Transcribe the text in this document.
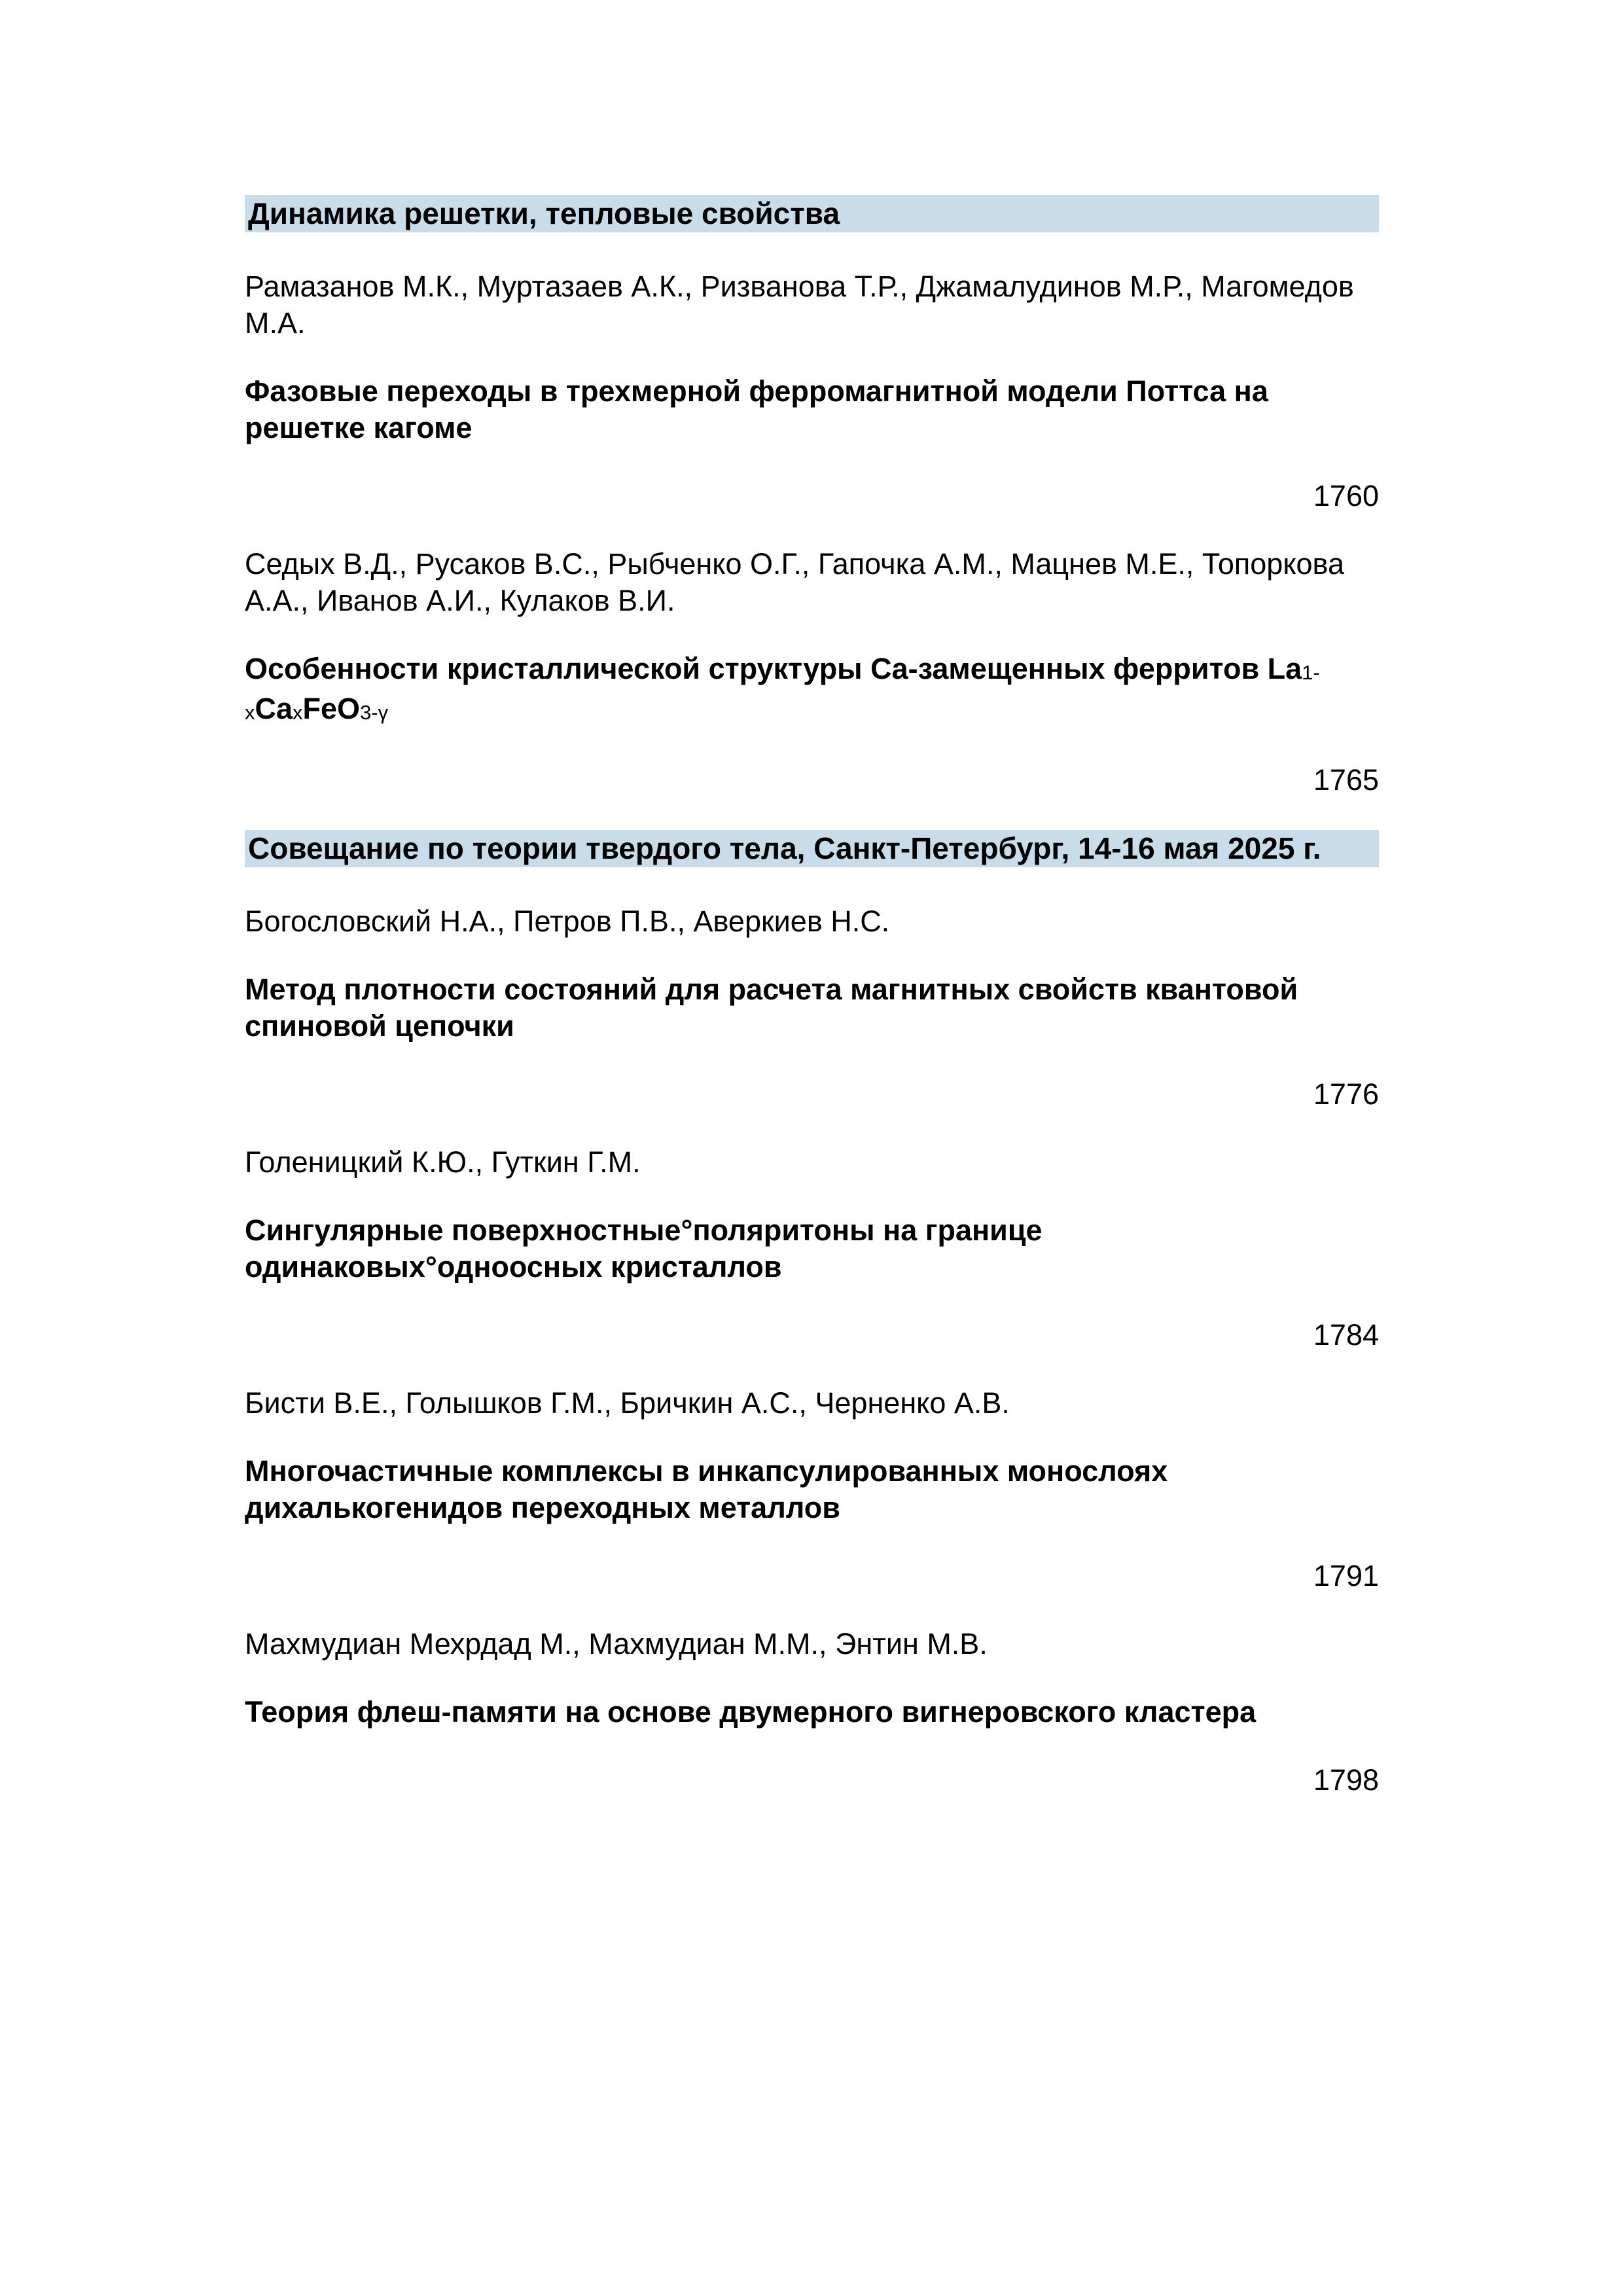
Динамика решетки, тепловые свойства
Рамазанов М.К., Муртазаев А.К., Ризванова Т.Р., Джамалудинов М.Р., Магомедов М.А.
Фазовые переходы в трехмерной ферромагнитной модели Поттса на решетке кагоме
1760
Седых В.Д., Русаков В.С., Рыбченко О.Г., Гапочка А.М., Мацнев М.Е., Топоркова А.А., Иванов А.И., Кулаков В.И.
Особенности кристаллической структуры Ca-замещенных ферритов La1-xCaxFeO3-γ
1765
Совещание по теории твердого тела, Санкт-Петербург, 14-16 мая 2025 г.
Богословский Н.А., Петров П.В., Аверкиев Н.С.
Метод плотности состояний для расчета магнитных свойств квантовой спиновой цепочки
1776
Голеницкий К.Ю., Гуткин Г.М.
Сингулярные поверхностные°поляритоны на границе одинаковых°одноосных кристаллов
1784
Бисти В.Е., Голышков Г.М., Бричкин А.С., Черненко А.В.
Многочастичные комплексы в инкапсулированных монослоях дихалькогенидов переходных металлов
1791
Махмудиан Мехрдад М., Махмудиан М.М., Энтин М.В.
Теория флеш-памяти на основе двумерного вигнеровского кластера
1798
